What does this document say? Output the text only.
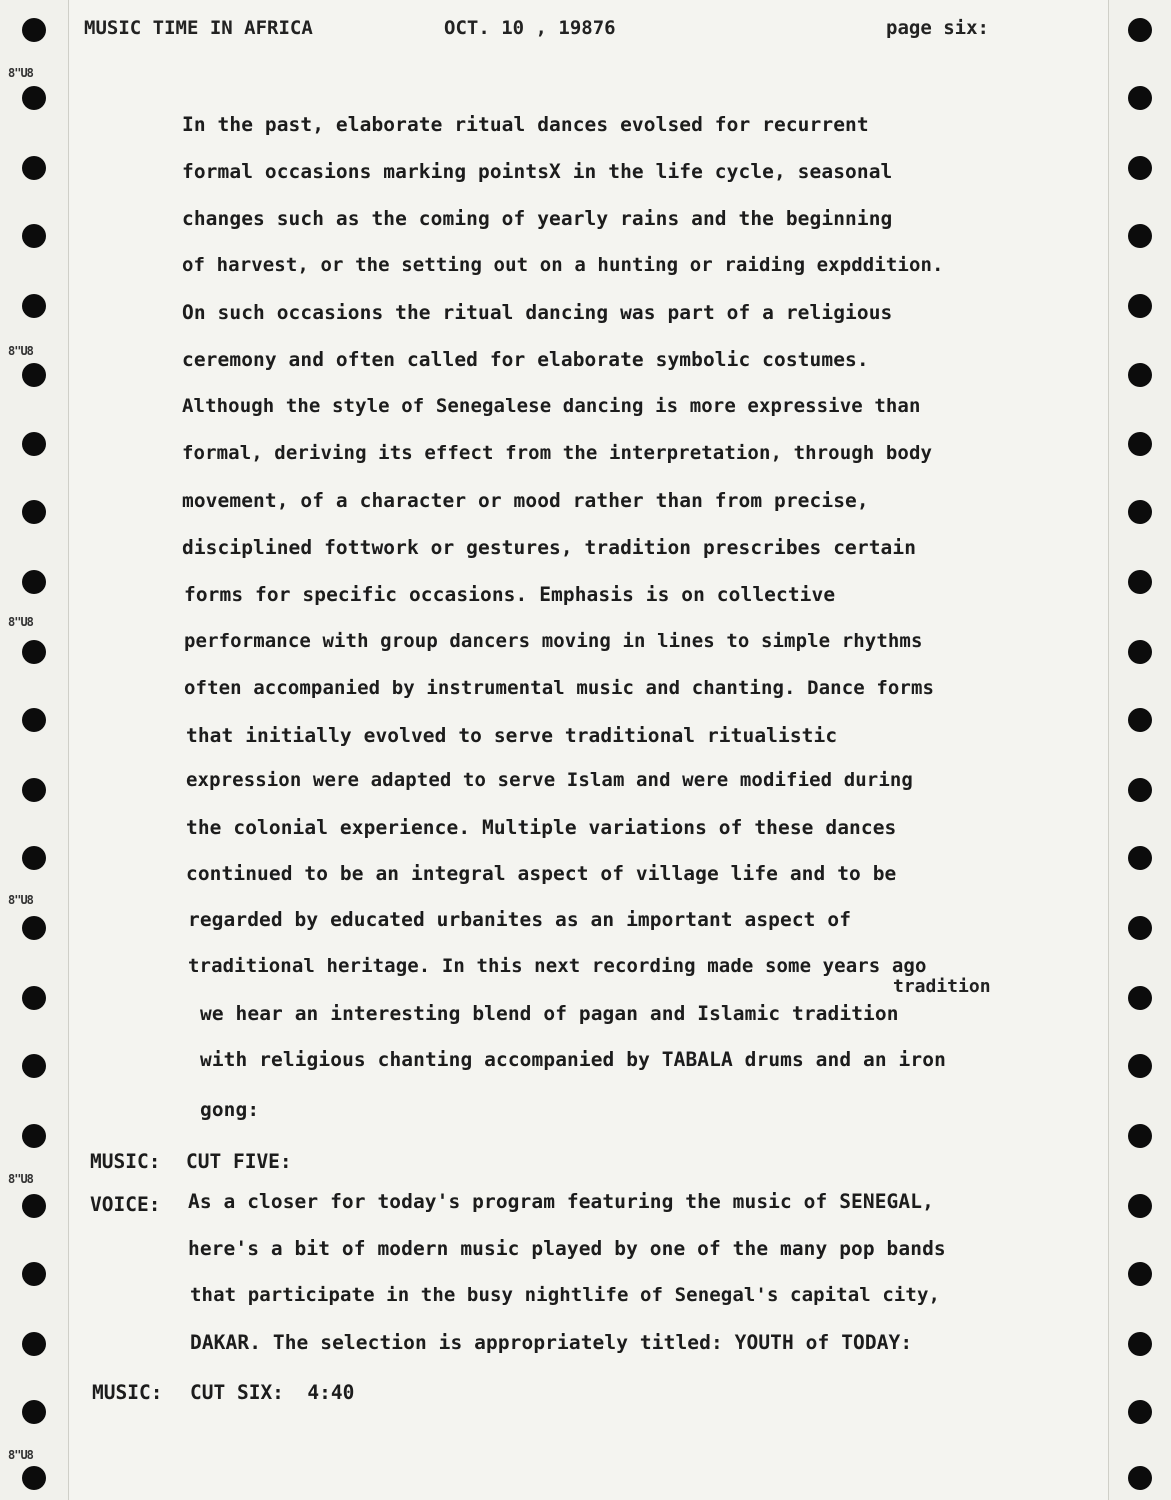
8"U8
8"U8
8"U8
8"U8
8"U8
8"U8
MUSIC TIME IN AFRICA	OCT. 10 , 19876	page six:
In the past, elaborate ritual dances evolsed for recurrent
formal occasions marking pointsX in the life cycle, seasonal
changes such as the coming of yearly rains and the beginning
of harvest, or the setting out on a hunting or raiding expddition.
On such occasions the ritual dancing was part of a religious
ceremony and often called for elaborate symbolic costumes.
Although the style of Senegalese dancing is more expressive than
formal, deriving its effect from the interpretation, through body
movement, of a character or mood rather than from precise,
disciplined fottwork or gestures, tradition prescribes certain
forms for specific occasions. Emphasis is on collective
performance with group dancers moving in lines to simple rhythms
often accompanied by instrumental music and chanting. Dance forms
that initially evolved to serve traditional ritualistic
expression were adapted to serve Islam and were modified during
the colonial experience. Multiple variations of these dances
continued to be an integral aspect of village life and to be
regarded by educated urbanites as an important aspect of
traditional heritage. In this next recording made some years ago
tradition
we hear an interesting blend of pagan and Islamic tradition
with religious chanting accompanied by TABALA drums and an iron
gong:
MUSIC: CUT FIVE:
VOICE: As a closer for today's program featuring the music of SENEGAL,
here's a bit of modern music played by one of the many pop bands
that participate in the busy nightlife of Senegal's capital city,
DAKAR. The selection is appropriately titled: YOUTH of TODAY:
MUSIC: CUT SIX:  4:40
